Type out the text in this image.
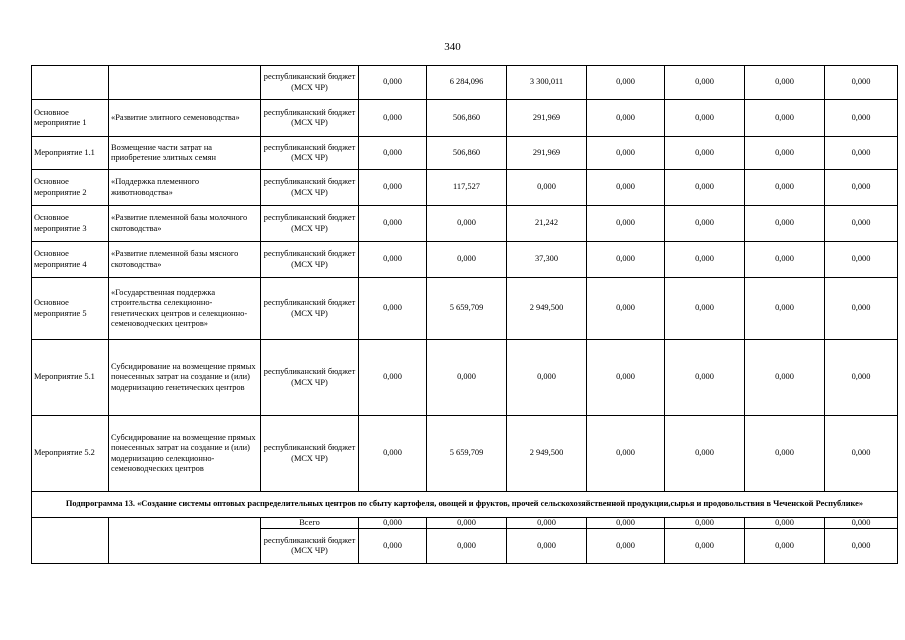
340
		республиканский бюджет (МСХ ЧР)	0,000	6 284,096	3 300,011	0,000	0,000	0,000	0,000
Основное мероприятие 1	«Развитие элитного семеноводства»	республиканский бюджет (МСХ ЧР)	0,000	506,860	291,969	0,000	0,000	0,000	0,000
Мероприятие 1.1	Возмещение части затрат на приобретение элитных семян	республиканский бюджет (МСХ ЧР)	0,000	506,860	291,969	0,000	0,000	0,000	0,000
Основное мероприятие 2	«Поддержка племенного животноводства»	республиканский бюджет (МСХ ЧР)	0,000	117,527	0,000	0,000	0,000	0,000	0,000
Основное мероприятие 3	«Развитие племенной базы молочного скотоводства»	республиканский бюджет (МСХ ЧР)	0,000	0,000	21,242	0,000	0,000	0,000	0,000
Основное мероприятие 4	«Развитие племенной базы мясного скотоводства»	республиканский бюджет (МСХ ЧР)	0,000	0,000	37,300	0,000	0,000	0,000	0,000
Основное мероприятие 5	«Государственная поддержка строительства селекционно-генетических центров и селекционно-семеноводческих центров»	республиканский бюджет (МСХ ЧР)	0,000	5 659,709	2 949,500	0,000	0,000	0,000	0,000
Мероприятие 5.1	Субсидирование на возмещение прямых понесенных затрат на создание и (или) модернизацию генетических центров	республиканский бюджет (МСХ ЧР)	0,000	0,000	0,000	0,000	0,000	0,000	0,000
Мероприятие 5.2	Субсидирование на возмещение прямых понесенных затрат на создание и (или) модернизацию селекционно-семеноводческих центров	республиканский бюджет (МСХ ЧР)	0,000	5 659,709	2 949,500	0,000	0,000	0,000	0,000
Подпрограмма 13. «Создание системы оптовых распределительных центров по сбыту картофеля, овощей и фруктов, прочей сельскохозяйственной продукции,сырья и продовольствия в Чеченской Республике»									
		Всего	0,000	0,000	0,000	0,000	0,000	0,000	0,000
		республиканский бюджет (МСХ ЧР)	0,000	0,000	0,000	0,000	0,000	0,000	0,000
